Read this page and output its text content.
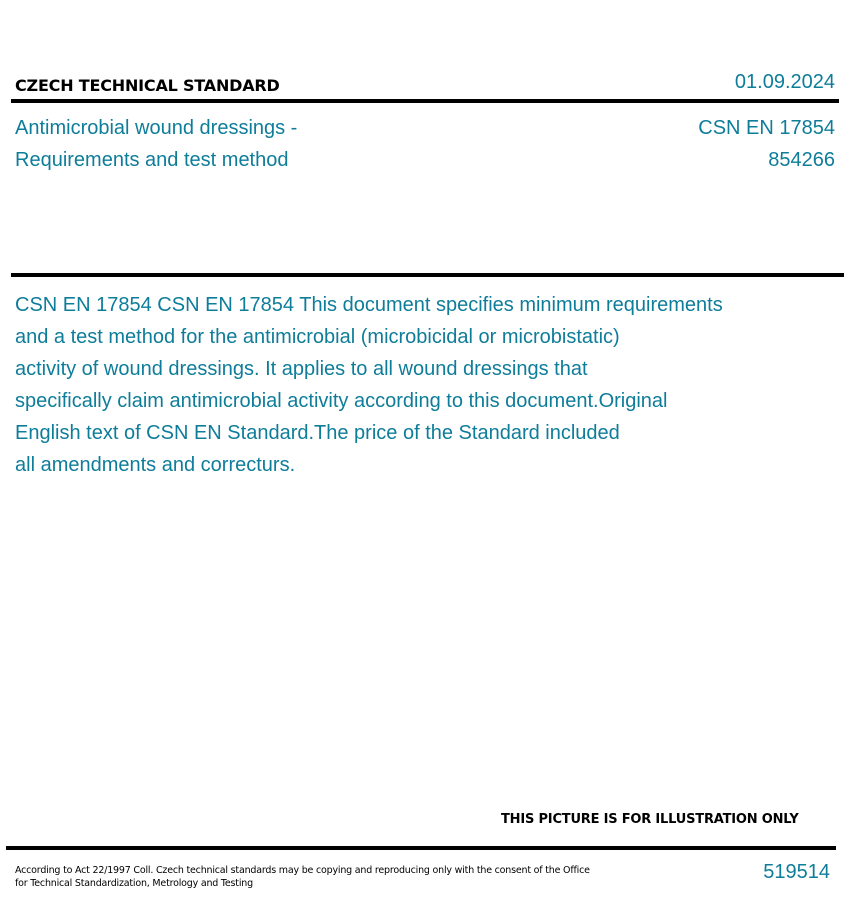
CZECH TECHNICAL STANDARD	01.09.2024
Antimicrobial wound dressings -
Requirements and test method
CSN EN 17854
854266
CSN EN 17854 CSN EN 17854 This document specifies minimum requirements
and a test method for the antimicrobial (microbicidal or microbistatic)
activity of wound dressings. It applies to all wound dressings that
specifically claim antimicrobial activity according to this document.Original
English text of CSN EN Standard.The price of the Standard included
all amendments and correcturs.
THIS PICTURE IS FOR ILLUSTRATION ONLY
According to Act 22/1997 Coll. Czech technical standards may be copying and reproducing only with the consent of the Office
for Technical Standardization, Metrology and Testing
519514
